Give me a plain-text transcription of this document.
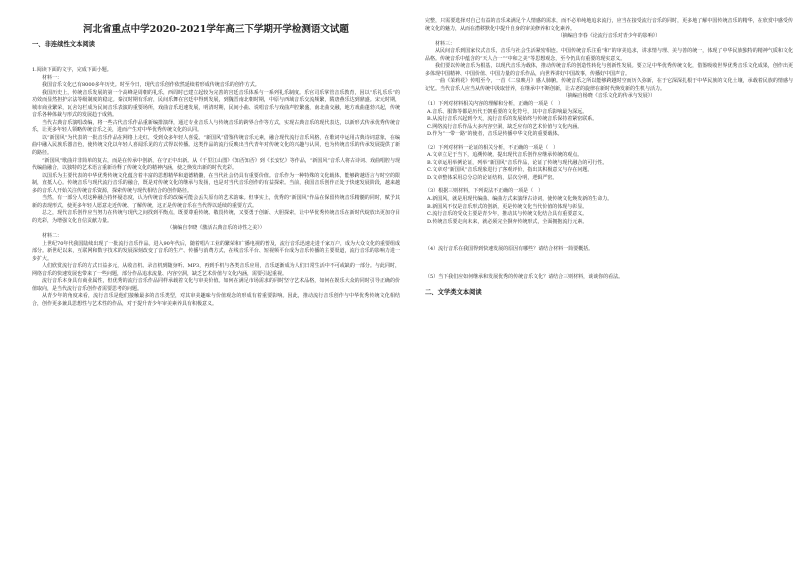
河北省重点中学2020-2021学年高三下学期开学检测语文试题
一、非连续性文本阅读

1.阅读下面的文字，完成下面小题。

材料一：

我国音乐文化已有8000多年历史。时至今日，现代音乐创作依然延续着形成传统音乐的创作方式。

我国历史上，传统音乐发展的第一个高峰是周朝的礼乐，西周时已建立起较为完善的宫廷音乐体系与一系列礼乐制度。乐官司乐掌管音乐教育，因以“乐礼乐乐”的功效而显然担护宗法等级制度的稳定。秦汉时期有乐府，民间乐舞在宫廷中得到发展，到魏晋南北朝时期，中原与西域音乐交流频繁，隋唐燕乐达到鼎盛。宋元时期，城市商业繁荣，瓦舍勾栏成为民间音乐表演的重要场所，戏曲音乐迅速发展，明清时期，民间小曲、说唱音乐与戏曲声腔繁盛，南北曲交融，地方戏曲蓬勃兴起，传统音乐各种体裁与形式的发展趋于成熟。

当代古典音乐演唱改编，将一些古代音乐作品重新编排演绎，通过专业音乐人与传统音乐的跨界合作等方式，实现古典音乐的现代表达，以新形式传承优秀传统音乐，让更多年轻人领略传统音乐之美，进而产生对中华优秀传统文化的认同。

以“新国风”为代表的一批音乐作品在网络上走红，受到众多年轻人喜爱。“新国风”借鉴传统音乐元素，融合现代流行音乐风格，在歌词中运用古典诗词意象，在编曲中融入民族乐器音色，使传统文化以年轻人喜闻乐见的方式得以传播。这类作品的流行反映出当代青年对传统文化的兴趣与认同，也为传统音乐的传承发展提供了新的路径。

“新国风”歌曲并非简单的复古，而是在传承中创新，在守正中出新。从《千里江山图》《知否知否》到《长安忆》等作品，“新国风”音乐人将古诗词、戏曲唱腔与现代编曲融合，以独特的艺术语言重新诠释了传统文化的精神内涵，使之焕发出新的时代光彩。

以国乐为主要代表的中华优秀传统文化蕴含着丰富的思想精华和道德精髓，在当代社会仍具有重要价值。音乐作为一种特殊的文化载体，能够跨越语言与时空的限制，直抵人心。传统音乐与现代流行音乐的融合，既是对传统文化的继承与发扬，也是对当代音乐创作的有益探索。当前，我国音乐创作正处于快速发展阶段，越来越多的音乐人开始关注传统音乐资源，探索传统与现代相结合的创作路径。

当然，有一部分人对这种融合持怀疑态度，认为传统音乐的改编可能会丢失原有的艺术韵味。但事实上，优秀的“新国风”作品在保留传统音乐精髓的同时，赋予其新的表现形式，使更多年轻人愿意走近传统、了解传统，这正是传统音乐在当代得以延续的重要方式。

总之，现代音乐创作应当努力在传统与现代之间找到平衡点，既要尊重传统、敬畏传统，又要勇于创新、大胆探索，让中华优秀传统音乐在新时代绽放出更加夺目的光彩，为增强文化自信贡献力量。

（摘编自李晓《激活古典音乐的诗性之美》）

材料二：

上世纪70年代我国陆续出现了一批流行音乐作品。进入90年代后，随着唱片工业的繁荣和广播电视的普及，流行音乐迅速走进千家万户，成为大众文化的重要组成部分。新世纪以来，互联网和数字技术的发展深刻改变了音乐的生产、传播与消费方式，在线音乐平台、短视频平台成为音乐传播的主要渠道，流行音乐的影响力进一步扩大。

人们欣赏流行音乐的方式日益多元，从收音机、录音机到随身听、MP3，再到手机与各类音乐应用，音乐逐渐成为人们日常生活中不可或缺的一部分。与此同时，网络音乐的快速发展也带来了一些问题，部分作品追求流量、内容空洞，缺乏艺术价值与文化内涵，需要引起重视。

流行音乐本身具有商业属性，但优秀的流行音乐作品同样承载着文化与审美价值。如何在满足市场需求的同时坚守艺术品格，如何在娱乐大众的同时引导正确的价值取向，是当代流行音乐创作者需要思考的问题。

从青少年的角度来看，流行音乐是他们接触最多的音乐类型，对其审美趣味与价值观念的形成有着重要影响。因此，推动流行音乐创作与中华优秀传统文化相结合，创作更多兼具思想性与艺术性的作品，对于提升青少年审美素养具有积极意义。

完整，只需要选择对自己有益的音乐来满足个人情感的需求，而不必单纯地追求流行，应当在接受流行音乐的同时，更多地了解中国传统音乐的精华，在欣赏中感受传统文化的魅力，从而在潜移默化中提升自身的审美修养和文化素养。

（摘编自李春《论流行音乐对青少年的影响》）

材料三：

从民间音乐到国家仪式音乐，音乐与社会生活紧密相连。中国传统音乐注重“和”的审美追求，讲求情与理、美与善的统一，体现了中华民族独特的精神气质和文化品格。传统音乐中蕴含的“天人合一”“中和之美”等思想观念，至今仍具有重要的现实意义。

我们要以传统音乐为根基，以现代音乐为载体，推动传统音乐的创造性转化与创新性发展。要立足中华优秀传统文化，借鉴吸收世界优秀音乐文化成果，创作出更多体现中国精神、中国价值、中国力量的音乐作品，向世界讲好中国故事，传播好中国声音。

一曲《茉莉花》传唱至今，一首《二泉映月》感人肺腑。传统音乐之所以能够跨越时空而历久弥新，在于它深深扎根于中华民族的文化土壤，承载着民族的情感与记忆。当代音乐人应当从传统中汲取营养，在继承中不断创新，让古老的旋律在新时代焕发新的生机与活力。

（摘编自杨晓《音乐文化的传承与发展》）

（1）下列对材料相关内容的理解和分析，正确的一项是（　）

A.音乐、服饰等都是历代王朝重要的文化符号，其中音乐影响最为深远。

B.从流行音乐兴起到今天，流行音乐的发展始终与传统音乐保持着紧密联系。

C.网络流行音乐作品大多内容空洞，缺乏应有的艺术价值与文化内涵。

D.作为“一带一路”的使者，音乐是传播中华文化的重要载体。

（2）下列对材料一论证的相关分析，不正确的一项是（　）

A.文章立足于当下，追溯传统，提出现代音乐创作应继承传统的观点。

B.文章运用举例论证，列举“新国风”音乐作品，论证了传统与现代融合的可行性。

C.文章对“新国风”音乐现象进行了客观评价，指出其积极意义与存在问题。

D.文章整体采用总分总的论证结构，层次分明，逻辑严密。

（3）根据三则材料，下列说法不正确的一项是（　）

A.新国风，就是用现代编曲、编曲方式来演绎古诗词，使传统文化焕发新的生命力。

B.新国风不仅是音乐形式的创新，更是传统文化当代价值的体现与彰显。

C.流行音乐的受众主要是青少年，推动其与传统文化结合具有重要意义。

D.传统音乐要走向未来，就必须完全摒弃传统形式，全面拥抱流行元素。

（4）流行音乐在我国得到快速发展的原因有哪些？请结合材料一简要概括。

（5）当下我们应如何继承和发展优秀的传统音乐文化？请结合三则材料，谈谈你的看法。

二、文学类文本阅读
